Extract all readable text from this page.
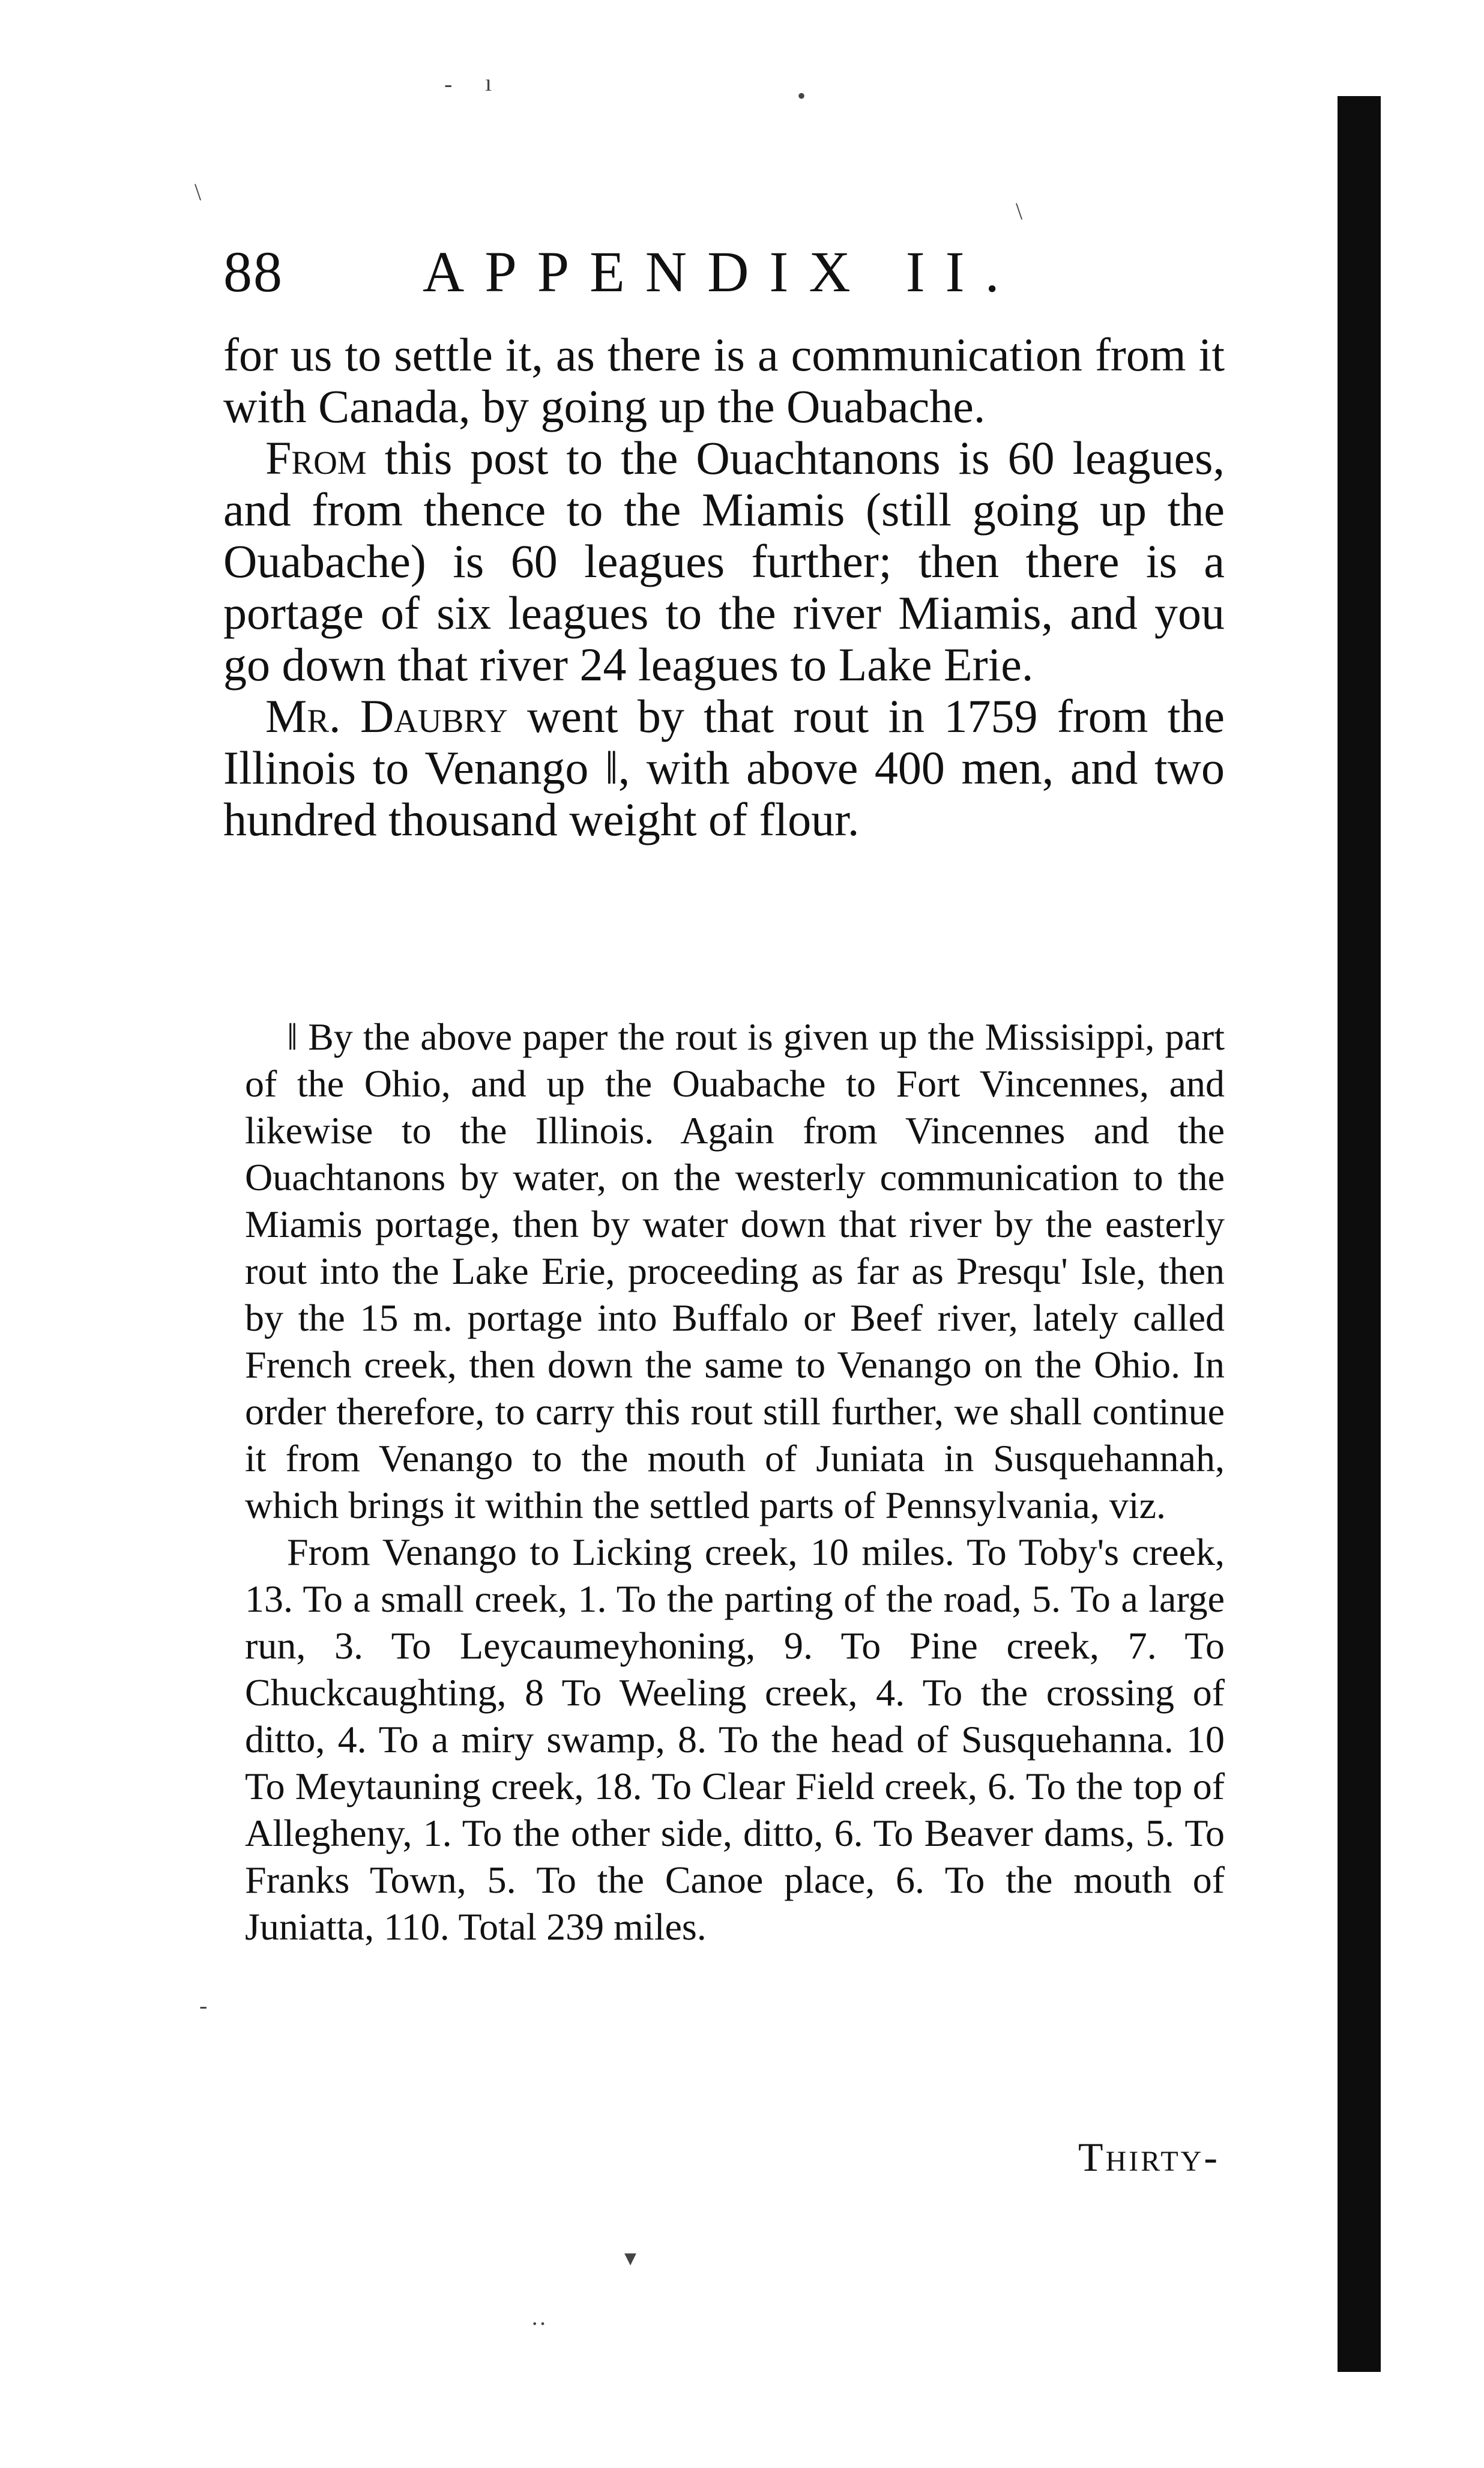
- ı	•
\
\
88 APPENDIX II.

for us to settle it, as there is a communication from it with Canada, by going up the Ouabache.

From this post to the Ouachtanons is 60 leagues, and from thence to the Miamis (still going up the Ouabache) is 60 leagues further; then there is a portage of six leagues to the river Miamis, and you go down that river 24 leagues to Lake Erie.

Mr. Daubry went by that rout in 1759 from the Illinois to Venango ‖, with above 400 men, and two hundred thousand weight of flour.

‖ By the above paper the rout is given up the Missisippi, part of the Ohio, and up the Ouabache to Fort Vincennes, and likewise to the Illinois. Again from Vincennes and the Ouachtanons by water, on the westerly communication to the Miamis portage, then by water down that river by the easterly rout into the Lake Erie, proceeding as far as Presqu' Isle, then by the 15 m. portage into Buffalo or Beef river, lately called French creek, then down the same to Venango on the Ohio. In order therefore, to carry this rout still further, we shall continue it from Venango to the mouth of Juniata in Susquehannah, which brings it within the settled parts of Pennsylvania, viz.

From Venango to Licking creek, 10 miles. To Toby's creek, 13. To a small creek, 1. To the parting of the road, 5. To a large run, 3. To Leycaumeyhoning, 9. To Pine creek, 7. To Chuckcaughting, 8 To Weeling creek, 4. To the crossing of ditto, 4. To a miry swamp, 8. To the head of Susquehanna. 10 To Meytauning creek, 18. To Clear Field creek, 6. To the top of Allegheny, 1. To the other side, ditto, 6. To Beaver dams, 5. To Franks Town, 5. To the Canoe place, 6. To the mouth of Juniatta, 110. Total 239 miles.

Thirty-
▾
··
-
